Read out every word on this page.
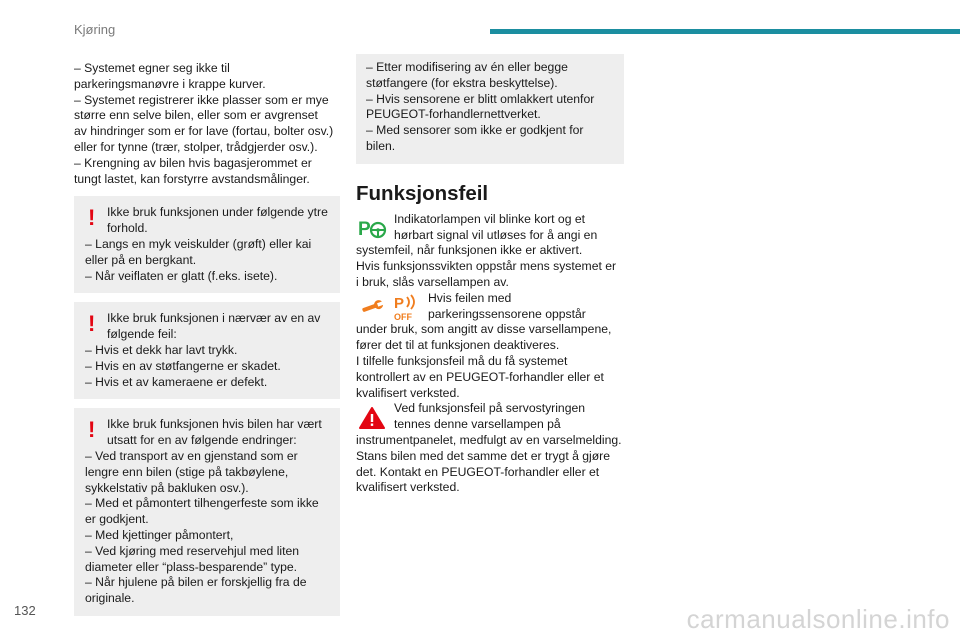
Kjøring

– Systemet egner seg ikke til

parkeringsmanøvre i krappe kurver.

– Systemet registrerer ikke plasser som er mye

større enn selve bilen, eller som er avgrenset

av hindringer som er for lave (fortau, bolter osv.)

eller for tynne (trær, stolper, trådgjerder osv.).

– Krengning av bilen hvis bagasjerommet er

tungt lastet, kan forstyrre avstandsmålinger.

! Ikke bruk funksjonen under følgende ytre

forhold.

– Langs en myk veiskulder (grøft) eller kai

eller på en bergkant.

– Når veiflaten er glatt (f.eks. isete).

! Ikke bruk funksjonen i nærvær av en av

følgende feil:

– Hvis et dekk har lavt trykk.

– Hvis en av støtfangerne er skadet.

– Hvis et av kameraene er defekt.

! Ikke bruk funksjonen hvis bilen har vært

utsatt for en av følgende endringer:

– Ved transport av en gjenstand som er

lengre enn bilen (stige på takbøylene,

sykkelstativ på bakluken osv.).

– Med et påmontert tilhengerfeste som ikke

er godkjent.

– Med kjettinger påmontert,

– Ved kjøring med reservehjul med liten

diameter eller “plass-besparende” type.

– Når hjulene på bilen er forskjellig fra de

originale.

– Etter modifisering av én eller begge

støtfangere (for ekstra beskyttelse).

– Hvis sensorene er blitt omlakkert utenfor

PEUGEOT-forhandlernettverket.

– Med sensorer som ikke er godkjent for

bilen.

Funksjonsfeil
P

Indikatorlampen vil blinke kort og et

hørbart signal vil utløses for å angi en

systemfeil, når funksjonen ikke er aktivert.

Hvis funksjonssvikten oppstår mens systemet er

i bruk, slås varsellampen av.

P
OFF

Hvis feilen med

parkeringssensorene oppstår

under bruk, som angitt av disse varsellampene,

fører det til at funksjonen deaktiveres.

I tilfelle funksjonsfeil må du få systemet

kontrollert av en PEUGEOT-forhandler eller et

kvalifisert verksted.

Ved funksjonsfeil på servostyringen

tennes denne varsellampen på

instrumentpanelet, medfulgt av en varselmelding.

Stans bilen med det samme det er trygt å gjøre

det. Kontakt en PEUGEOT-forhandler eller et

kvalifisert verksted.

132	carmanualsonline.info
